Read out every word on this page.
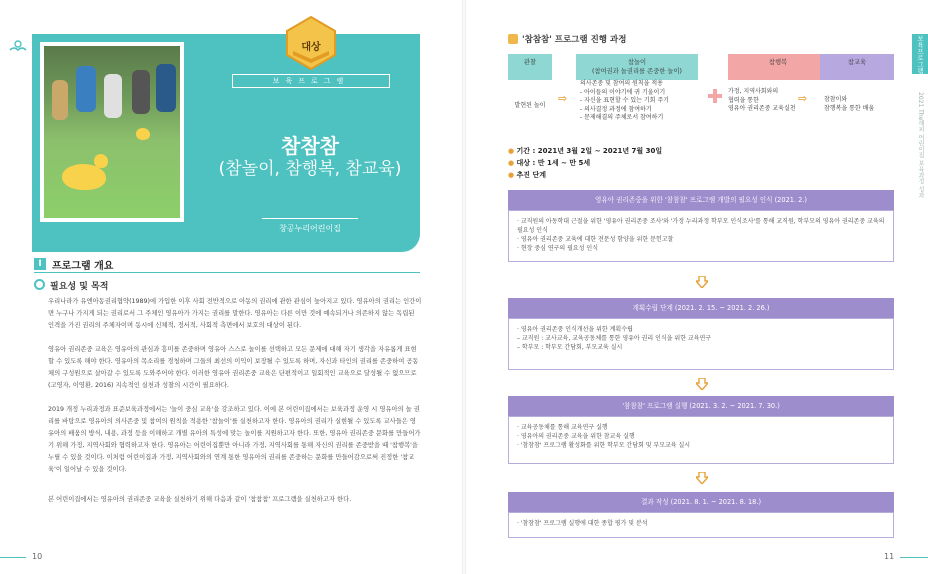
대상
보육프로그램
참참참
(참놀이, 참행복, 참교육)
창공누리어린이집
I	프로그램 개요
필요성 및 목적
우리나라가 유엔아동권리협약(1989)에 가입한 이후 사회 전반적으로 아동의 권리에 관한 관심이 높아지고 있다. 영유아의 권리는 인간이면 누구나 가지게 되는 권리로서 그 주체인 영유아가 가지는 권리를 말한다. 영유아는 다른 이만 것에 예속되거나 의존하지 않는 독립된 인격을 가진 권리의 주체자이며 동시에 신체적, 정서적, 사회적 측면에서 보호의 대상이 된다.
영유아 권리존중 교육은 영유아의 관심과 흥미를 존중하며 영유아 스스로 놀이를 선택하고 모든 문제에 대해 자기 생각을 자유롭게 표현할 수 있도록 해야 한다. 영유아의 목소리를 경청하며 그들의 최선의 이익이 보장될 수 있도록 하며, 자신과 타인의 권리를 존중하여 공동체의 구성원으로 살아갈 수 있도록 도와주어야 한다. 이러한 영유아 권리존중 교육은 단편적이고 일회적인 교육으로 달성될 수 없으므로(고영자, 이영환, 2016) 지속적인 실천과 성찰의 시간이 필요하다.
2019 개정 누리과정과 표준보육과정에서는 '놀이 중심 교육'을 강조하고 있다. 이에 본 어린이집에서는 보육과정 운영 시 영유아의 놀 권리를 바탕으로 영유아의 의사존중 및 참여의 원칙을 적용한 '참놀이'를 실천하고자 한다. 영유아의 권리가 실현될 수 있도록 교사들은 영유아의 배움의 방식, 내용, 과정 등을 이해하고 개별 유아의 특성에 맞는 놀이를 지원하고자 한다. 또한, 영유아 권리존중 문화를 만들어가기 위해 가정, 지역사회와 협력하고자 한다. 영유아는 어린이집뿐만 아니라 가정, 지역사회를 통해 자신의 권리를 존중받을 때 '참행복'을 누릴 수 있을 것이다. 이처럼 어린이집과 가정, 지역사회와의 연계 통한 영유아의 권리를 존중하는 문화를 만들어감으로써 진정한 '참교육'이 일어날 수 있을 것이다.
본 어린이집에서는 영유아의 권리존중 교육을 실천하기 위해 다음과 같이 '참참참' 프로그램을 실천하고자 한다.
10
'참참참' 프로그램 진행 과정
관찰
발현된 놀이
⇨
참놀이
(참여권과 놀권리를 존중한 놀이)
의사존중 및 참여의 원칙을 적용
- 아이들의 이야기에 귀 기울이기
- 자신을 표현할 수 있는 기회 주기
- 의사결정 과정에 참여하기
- 문제해결의 주체로서 참여하기
참행복
가정, 지역사회와의
협력을 통한
영유아 권리존중 교육실천
⇨
참교육
참참이와
참행복을 통한 배움
● 기간 : 2021년 3월 2일 ~ 2021년 7월 30일
● 대상 : 만 1세 ~ 만 5세
● 추진 단계
영유아 권리존중을 위한 '참참참' 프로그램 개발의 필요성 인식 (2021. 2.)
· 교직원의 아동학대 근절을 위한 '영유아 권리존중 조사'와 '가정 누리과정 학부모 인식조사'를 통해 교직원, 학부모의 영유아 권리존중 교육의 필요성 인식
· 영유아 권리존중 교육에 대한 전문성 함양을 위한 문헌고찰
· 현장 중심 연구의 필요성 인식
계획수립 단계 (2021. 2. 15. ~ 2021. 2. 26.)
· 영유아 권리존중 인식개선을 위한 계획수립
– 교직원 : 교사교육, 교육공동체를 통한 영유아 권리 인식을 위한 교육연구
– 학부모 : 학부모 간담회, 부모교육 실시
'참참참' 프로그램 실행 (2021. 3. 2. ~ 2021. 7. 30.)
· 교육공동체를 통해 교육연구 실행
· 영유아의 권리존중 교육을 위한 참교육 실행
· '참참참' 프로그램 활성화를 위한 학부모 간담회 및 부모교육 실시
결과 작성 (2021. 8. 1. ~ 2021. 8. 18.)
· '참참참' 프로그램 실행에 대한 종합 평가 및 분석
보육프로그램
2021 The해피 어린이집 보육과정 성과
11
